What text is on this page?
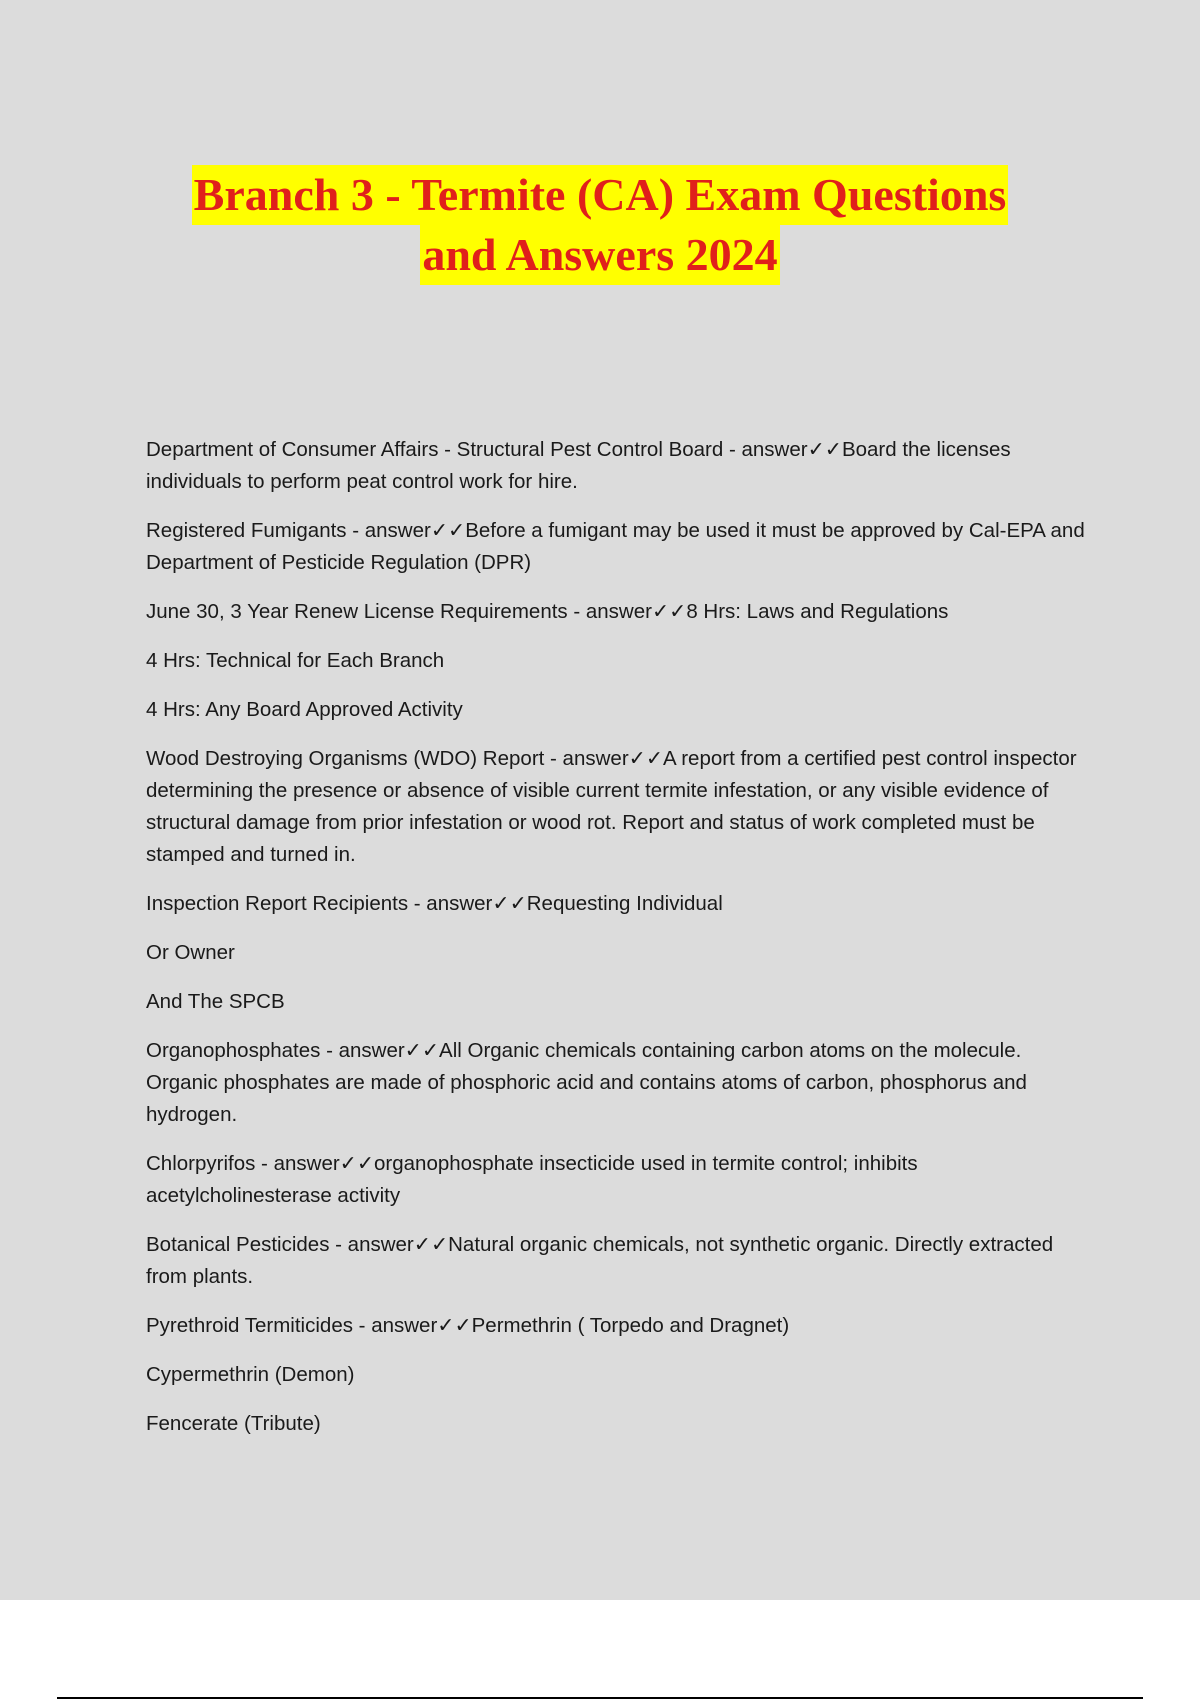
Branch 3 - Termite (CA) Exam Questions
and Answers 2024

Department of Consumer Affairs - Structural Pest Control Board - answer✓✓Board the licenses individuals to perform peat control work for hire.

Registered Fumigants - answer✓✓Before a fumigant may be used it must be approved by Cal-EPA and Department of Pesticide Regulation (DPR)

June 30, 3 Year Renew License Requirements - answer✓✓8 Hrs: Laws and Regulations

4 Hrs: Technical for Each Branch

4 Hrs: Any Board Approved Activity

Wood Destroying Organisms (WDO) Report - answer✓✓A report from a certified pest control inspector determining the presence or absence of visible current termite infestation, or any visible evidence of structural damage from prior infestation or wood rot. Report and status of work completed must be stamped and turned in.

Inspection Report Recipients - answer✓✓Requesting Individual

Or Owner

And The SPCB

Organophosphates - answer✓✓All Organic chemicals containing carbon atoms on the molecule. Organic phosphates are made of phosphoric acid and contains atoms of carbon, phosphorus and hydrogen.

Chlorpyrifos - answer✓✓organophosphate insecticide used in termite control; inhibits acetylcholinesterase activity

Botanical Pesticides - answer✓✓Natural organic chemicals, not synthetic organic. Directly extracted from plants.

Pyrethroid Termiticides - answer✓✓Permethrin ( Torpedo and Dragnet)

Cypermethrin (Demon)

Fencerate (Tribute)
